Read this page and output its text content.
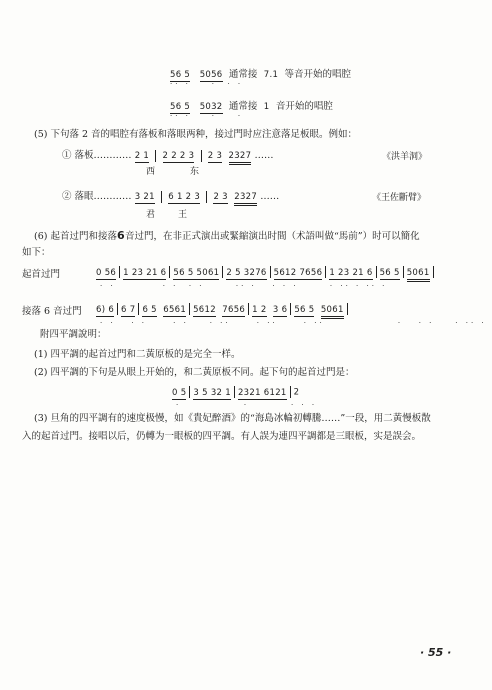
56 5 5056 通常接 7.1 等音开始的唱腔
·· ·    ·  · ·
56 5 5032 通常接 1 音开始的唱腔
·· ·    ·    ·
(5) 下句落 2 音的唱腔有落板和落眼两种，接过門时应注意落足板眼。例如：
① 落板………… 2 1 2 2 2 3 2 3 2327 ……	《洪羊洞》
西	东
② 落眼………… 3 21 6 1 2 3 2 3 2327 ……	《王佐斷臂》
君	王
(6) 起首过門和接落6音过門，在非正式演出或緊縮演出时間（术語叫做“馬前”）时可以簡化
如下：
起首过門	0 56 1 23 21 6 56 5 5061 2 5 3276 5612 7656 1 23 21 6 56 5 5061
· ·         · ·  · ·      ·· ·   · · ·      · ·· · ·· ·
接落 6 音过門 6) 6 6 7 6 5 6561 5612 7656 1 2 3 6 56 5 5061
· ·   · ·     · ·    · ··     · ··     · ··              ·   · ·    · ·· ·
附四平調說明：
(1) 四平調的起首过門和二黃原板的是完全一样。
(2) 四平調的下句是从眼上开始的，和二黃原板不同。起下句的起首过門是：
0 5 3 5 32 1 2321 6121 2
·            ·        · · ·
(3) 旦角的四平調有的速度极慢，如《貴妃醉酒》的“海島冰輪初轉騰……”一段，用二黃慢板散
入的起首过門。接唱以后，仍轉为一眼板的四平調。有人誤为連四平調都是三眼板，实是誤会。
· 55 ·
